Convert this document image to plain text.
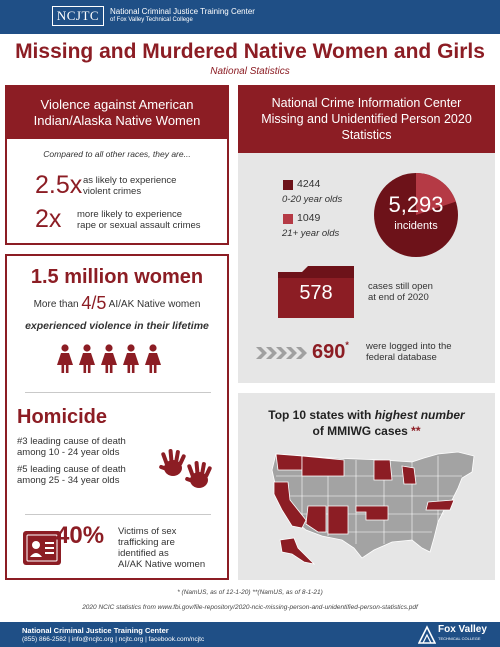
NCJTC	National Criminal Justice Training Center
of Fox Valley Technical College
Missing and Murdered Native Women and Girls
National Statistics
Violence against American Indian/Alaska Native Women
Compared to all other races, they are...
2.5x as likely to experience
violent crimes
2x more likely to experience
rape or sexual assault crimes
1.5 million women
More than 4/5 AI/AK Native women
experienced violence in their lifetime
Homicide
#3 leading cause of death
among 10 - 24 year olds
#5 leading cause of death
among 25 - 34 year olds
40% Victims of sex
trafficking are identified as
AI/AK Native women
National Crime Information Center Missing and Unidentified Person 2020 Statistics
4244
0-20 year olds
1049
21+ year olds
5,293
incidents
578	cases still open
at end of 2020
690* were logged into the
federal database
Top 10 states with highest number
of MMIWG cases **
* (NamUS, as of 12-1-20) **(NamUS, as of 8-1-21)
2020 NCIC statistics from www.fbi.gov/file-repository/2020-ncic-missing-person-and-unidentified-person-statistics.pdf
National Criminal Justice Training Center
(855) 866-2582 | info@ncjtc.org | ncjtc.org | facebook.com/ncjtc
Fox Valley
TECHNICAL COLLEGE
